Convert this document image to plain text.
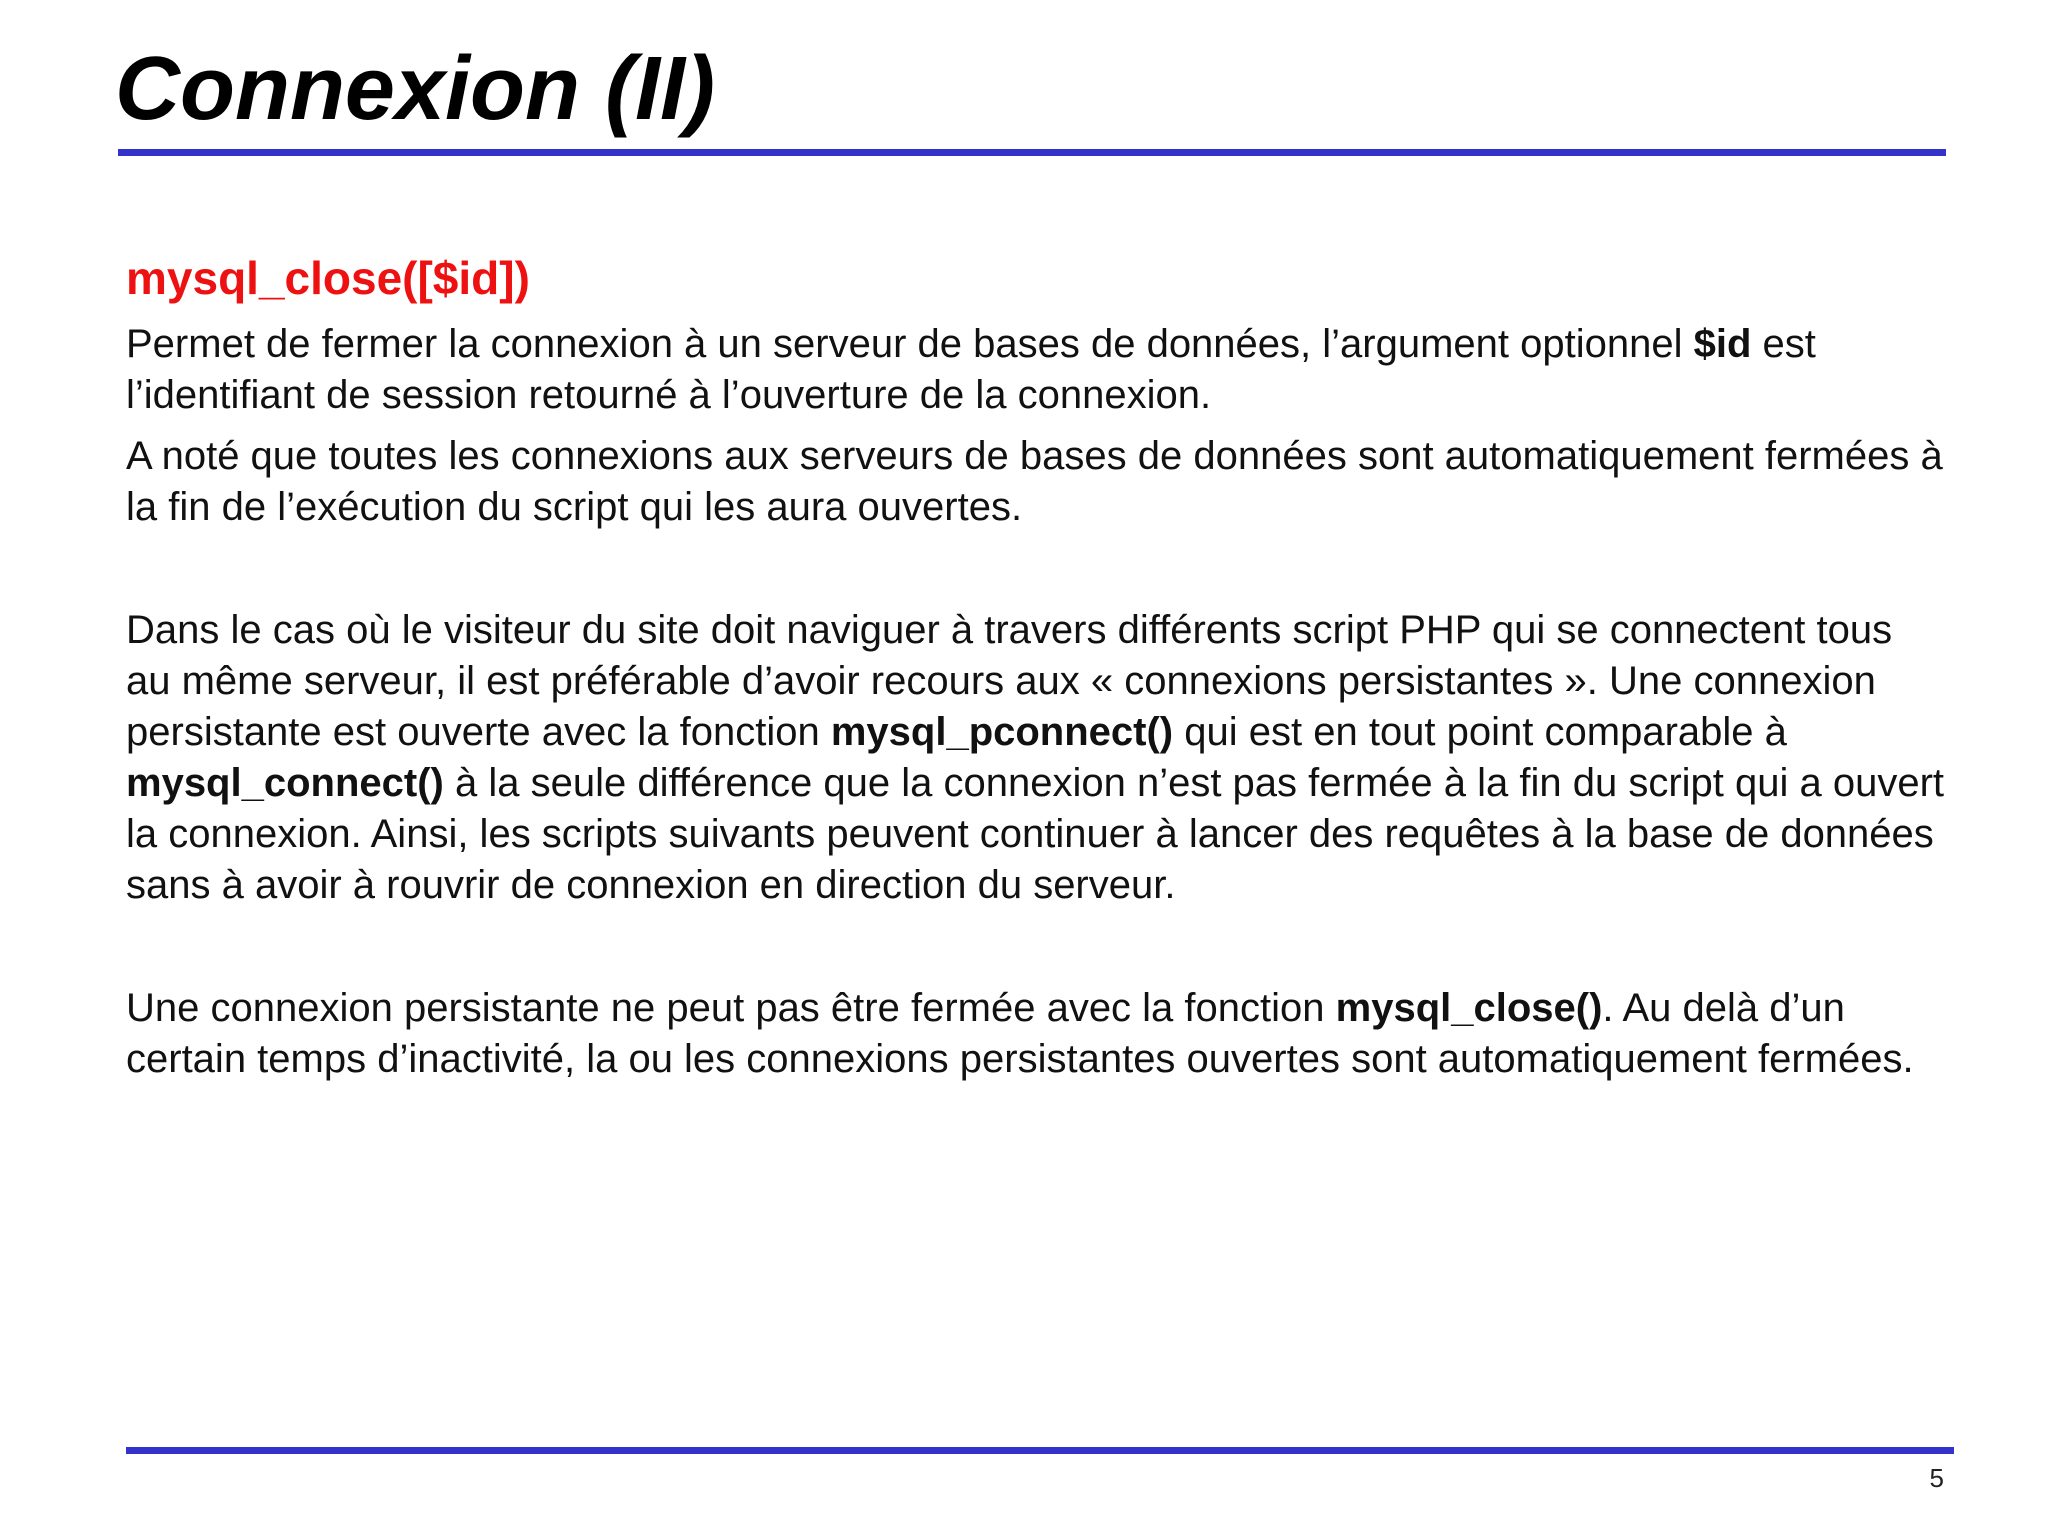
Connexion (II)
mysql_close([$id])

Permet de fermer la connexion à un serveur de bases de données, l’argument optionnel $id est l’identifiant de session retourné à l’ouverture de la connexion.

A noté que toutes les connexions aux serveurs de bases de données sont automatiquement fermées à la fin de l’exécution du script qui les aura ouvertes.

Dans le cas où le visiteur du site doit naviguer à travers différents script PHP qui se connectent tous au même serveur, il est préférable d’avoir recours aux « connexions persistantes ». Une connexion persistante est ouverte avec la fonction mysql_pconnect() qui est en tout point comparable à mysql_connect() à la seule différence que la connexion n’est pas fermée à la fin du script qui a ouvert la connexion. Ainsi, les scripts suivants peuvent continuer à lancer des requêtes à la base de données sans à avoir à rouvrir de connexion en direction du serveur.

Une connexion persistante ne peut pas être fermée avec la fonction mysql_close(). Au delà d’un certain temps d’inactivité, la ou les connexions persistantes ouvertes sont automatiquement fermées.

5
